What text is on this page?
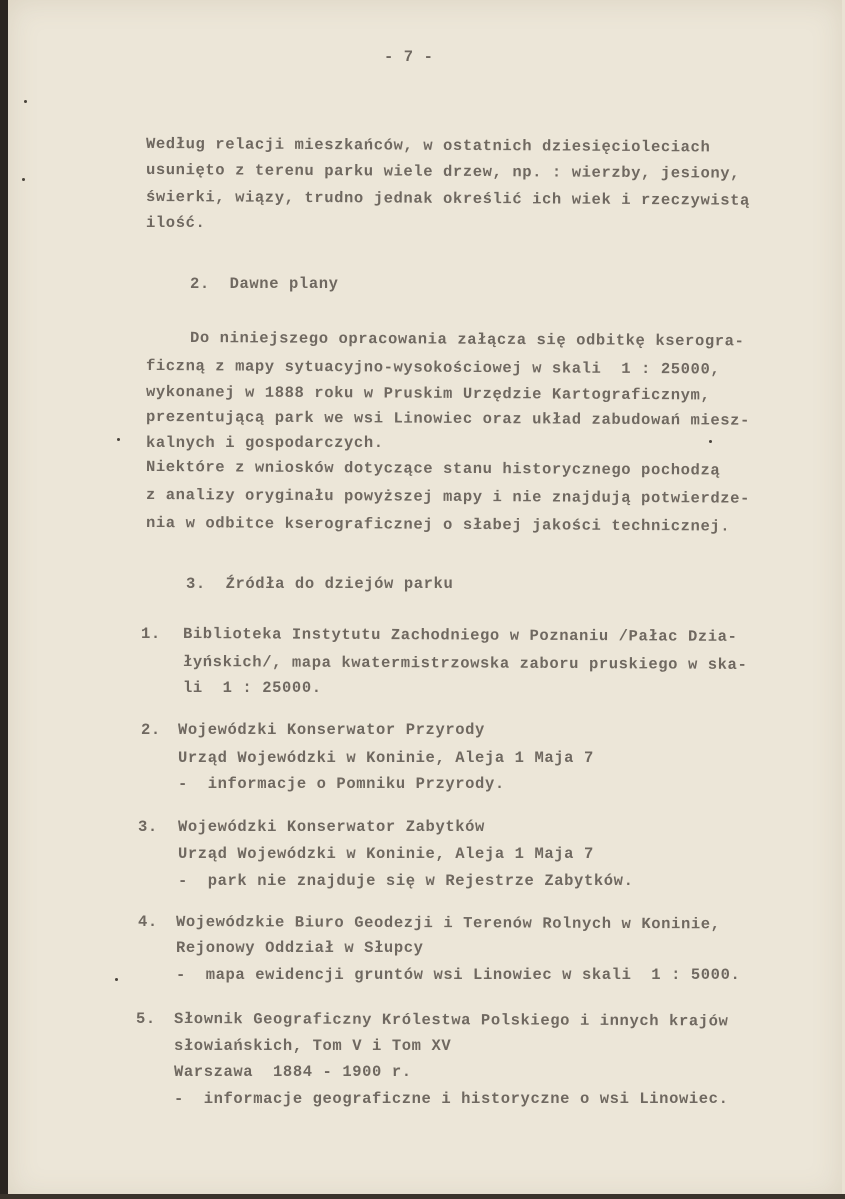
- 7 -
Według relacji mieszkańców, w ostatnich dziesięcioleciach
usunięto z terenu parku wiele drzew, np. : wierzby, jesiony,
świerki, wiązy, trudno jednak określić ich wiek i rzeczywistą
ilość.
2.  Dawne plany
Do niniejszego opracowania załącza się odbitkę kserogra-
ficzną z mapy sytuacyjno-wysokościowej w skali  1 : 25000,
wykonanej w 1888 roku w Pruskim Urzędzie Kartograficznym,
prezentującą park we wsi Linowiec oraz układ zabudowań miesz-
kalnych i gospodarczych.
Niektóre z wniosków dotyczące stanu historycznego pochodzą
z analizy oryginału powyższej mapy i nie znajdują potwierdze-
nia w odbitce kserograficznej o słabej jakości technicznej.
3.  Źródła do dziejów parku
1. Biblioteka Instytutu Zachodniego w Poznaniu /Pałac Dzia-
łyńskich/, mapa kwatermistrzowska zaboru pruskiego w ska-
li  1 : 25000.
2. Wojewódzki Konserwator Przyrody
Urząd Wojewódzki w Koninie, Aleja 1 Maja 7
-  informacje o Pomniku Przyrody.
3. Wojewódzki Konserwator Zabytków
Urząd Wojewódzki w Koninie, Aleja 1 Maja 7
-  park nie znajduje się w Rejestrze Zabytków.
4. Wojewódzkie Biuro Geodezji i Terenów Rolnych w Koninie,
Rejonowy Oddział w Słupcy
-  mapa ewidencji gruntów wsi Linowiec w skali  1 : 5000.
5. Słownik Geograficzny Królestwa Polskiego i innych krajów
słowiańskich, Tom V i Tom XV
Warszawa  1884 - 1900 r.
-  informacje geograficzne i historyczne o wsi Linowiec.
